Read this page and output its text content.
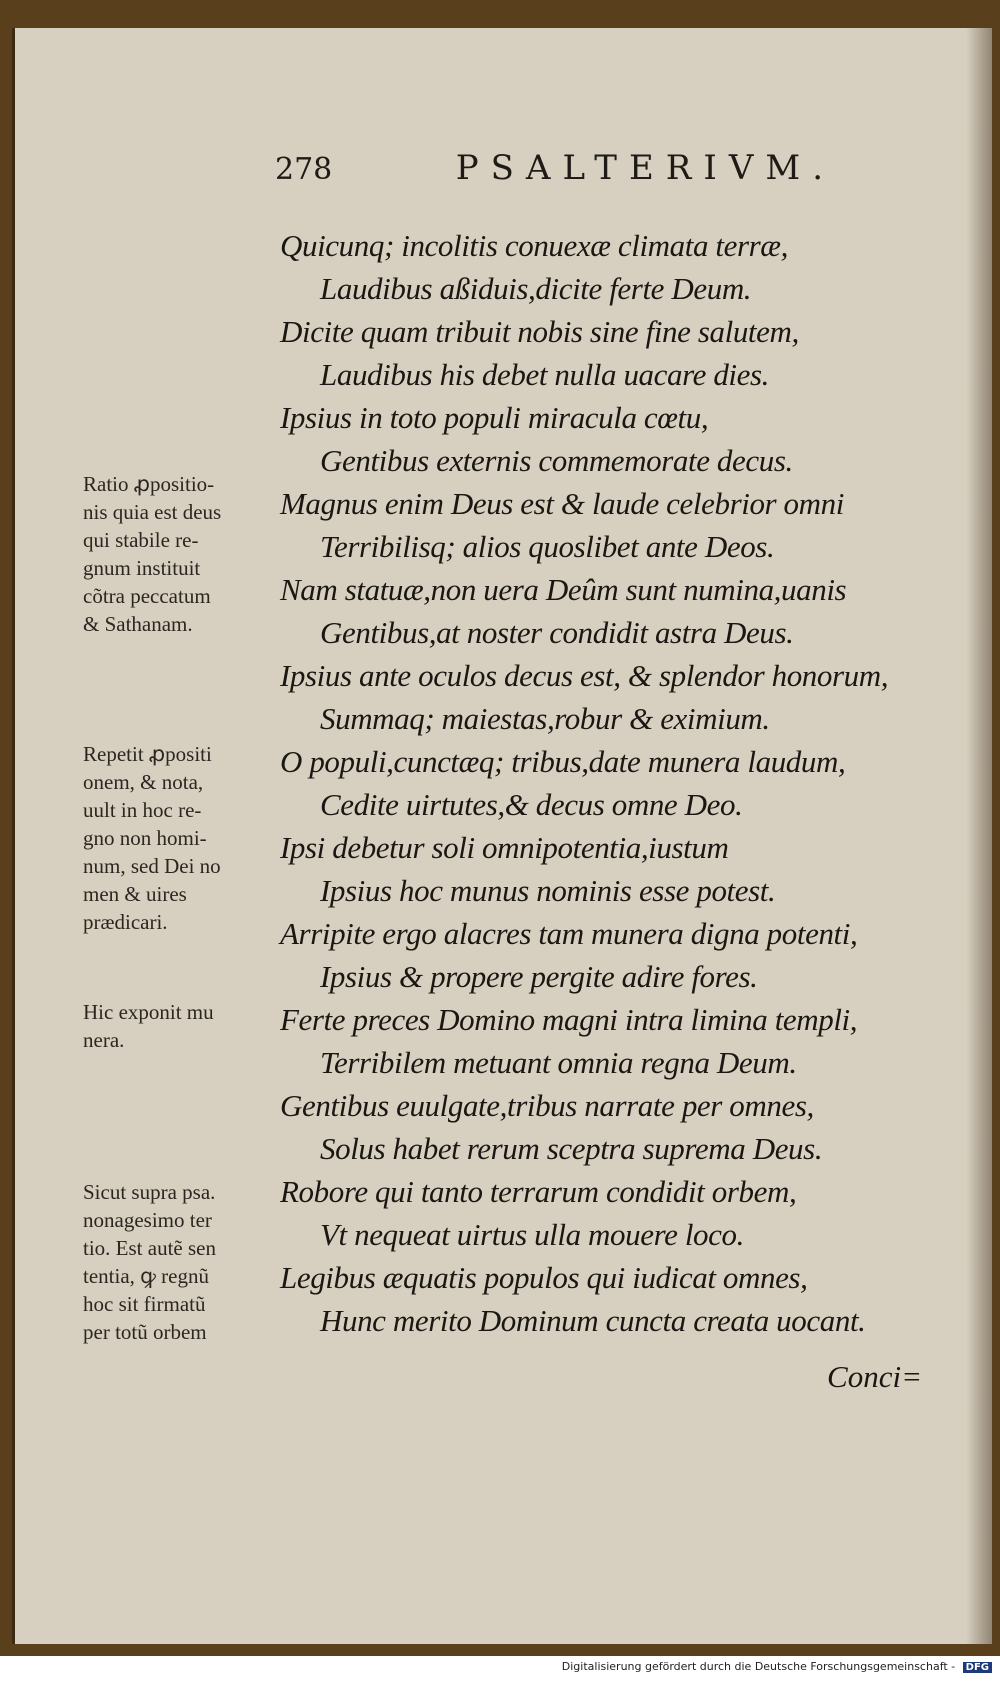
278	PSALTERIVM.
Quicunq; incolitis conuexæ climata terræ,
Laudibus aßiduis,dicite ferte Deum.
Dicite quam tribuit nobis sine fine salutem,
Laudibus his debet nulla uacare dies.
Ipsius in toto populi miracula cœtu,
Gentibus externis commemorate decus.
Magnus enim Deus est & laude celebrior omni
Terribilisq; alios quoslibet ante Deos.
Nam statuæ,non uera Deûm sunt numina,uanis
Gentibus,at noster condidit astra Deus.
Ipsius ante oculos decus est, & splendor honorum,
Summaq; maiestas,robur & eximium.
O populi,cunctæq; tribus,date munera laudum,
Cedite uirtutes,& decus omne Deo.
Ipsi debetur soli omnipotentia,iustum
Ipsius hoc munus nominis esse potest.
Arripite ergo alacres tam munera digna potenti,
Ipsius & propere pergite adire fores.
Ferte preces Domino magni intra limina templi,
Terribilem metuant omnia regna Deum.
Gentibus euulgate,tribus narrate per omnes,
Solus habet rerum sceptra suprema Deus.
Robore qui tanto terrarum condidit orbem,
Vt nequeat uirtus ulla mouere loco.
Legibus æquatis populos qui iudicat omnes,
Hunc merito Dominum cuncta creata uocant.
Conci=
Ratio ꝓpositio-
nis quia est deus
qui stabile re-
gnum instituit
cõtra peccatum
& Sathanam.
Repetit ꝓpositi
onem, & nota,
uult in hoc re-
gno non homi-
num, sed Dei no
men & uires
prædicari.
Hic exponit mu
nera.
Sicut supra psa.
nonagesimo ter
tio. Est autẽ sen
tentia, ꝙ regnũ
hoc sit firmatũ
per totũ orbem
Digitalisierung gefördert durch die Deutsche Forschungsgemeinschaft - DFG
